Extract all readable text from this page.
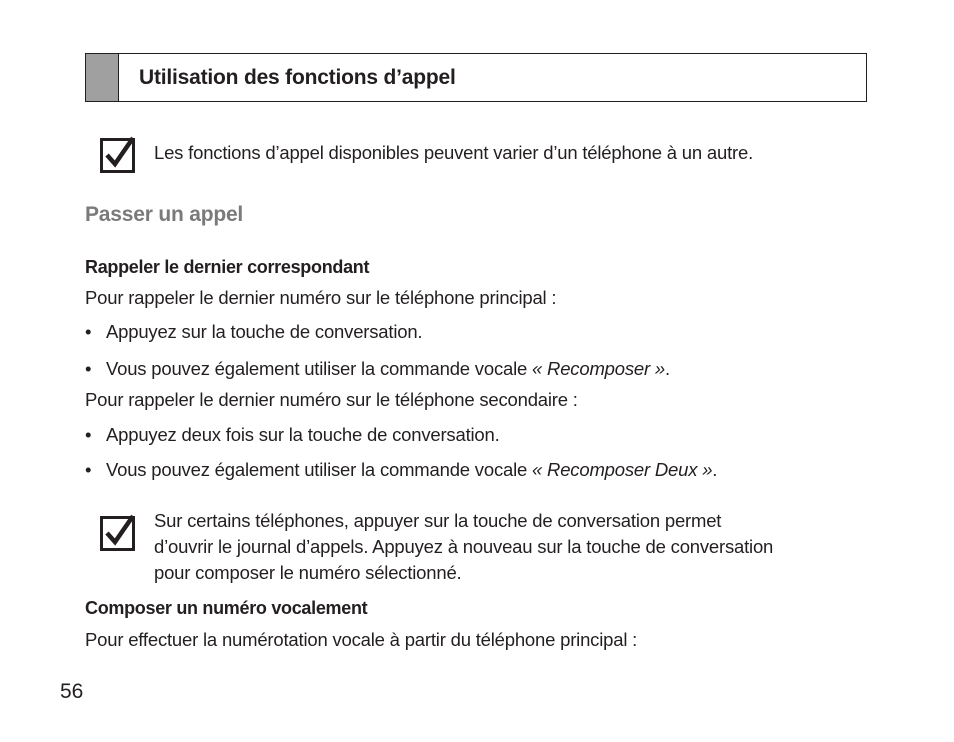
Utilisation des fonctions d’appel
Les fonctions d’appel disponibles peuvent varier d’un téléphone à un autre.
Passer un appel
Rappeler le dernier correspondant
Pour rappeler le dernier numéro sur le téléphone principal :
• Appuyez sur la touche de conversation.
• Vous pouvez également utiliser la commande vocale « Recomposer ».
Pour rappeler le dernier numéro sur le téléphone secondaire :
• Appuyez deux fois sur la touche de conversation.
• Vous pouvez également utiliser la commande vocale « Recomposer Deux ».
Sur certains téléphones, appuyer sur la touche de conversation permet
d’ouvrir le journal d’appels. Appuyez à nouveau sur la touche de conversation
pour composer le numéro sélectionné.
Composer un numéro vocalement
Pour effectuer la numérotation vocale à partir du téléphone principal :
56
